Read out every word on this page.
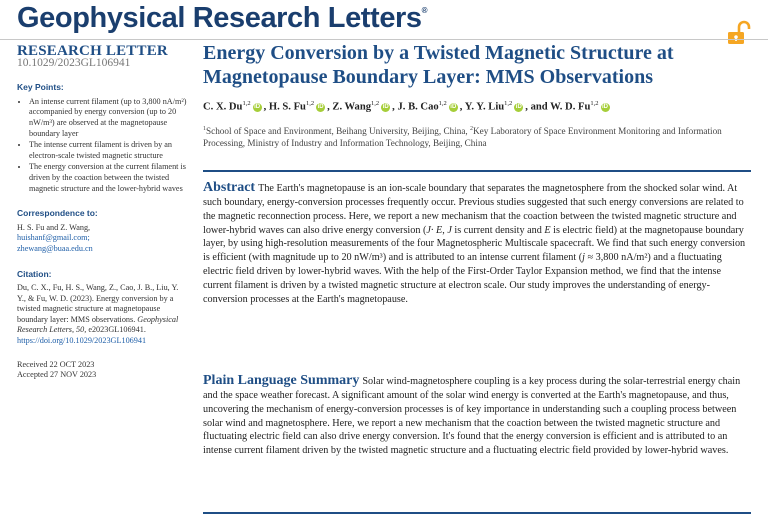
Geophysical Research Letters®
RESEARCH LETTER
10.1029/2023GL106941
Key Points:
• An intense current filament (up to 3,800 nA/m²) accompanied by energy conversion (up to 20 nW/m³) are observed at the magnetopause boundary layer
• The intense current filament is driven by an electron-scale twisted magnetic structure
• The energy conversion at the current filament is driven by the coaction between the twisted magnetic structure and the lower-hybrid waves
Correspondence to:

H. S. Fu and Z. Wang,

huishanf@gmail.com;

zhewang@buaa.edu.cn

Citation:

Du, C. X., Fu, H. S., Wang, Z., Cao, J. B., Liu, Y. Y., & Fu, W. D. (2023). Energy conversion by a twisted magnetic structure at magnetopause boundary layer: MMS observations. Geophysical Research Letters, 50, e2023GL106941. https://doi.org/10.1029/2023GL106941

Received 22 OCT 2023

Accepted 27 NOV 2023

Energy Conversion by a Twisted Magnetic Structure at Magnetopause Boundary Layer: MMS Observations
C. X. Du$^{1,2}$ iD , H. S. Fu$^{1,2}$ iD , Z. Wang$^{1,2}$ iD , J. B. Cao$^{1,2}$ iD , Y. Y. Liu$^{1,2}$ iD , and W. D. Fu$^{1,2}$ iD
$^1$School of Space and Environment, Beihang University, Beijing, China, $^2$Key Laboratory of Space Environment Monitoring and Information Processing, Ministry of Industry and Information Technology, Beijing, China
Abstract The Earth's magnetopause is an ion-scale boundary that separates the magnetosphere from the shocked solar wind. At such boundary, energy-conversion processes frequently occur. Previous studies suggested that such energy conversions are related to the magnetic reconnection process. Here, we report a new mechanism that the coaction between the twisted magnetic structure and lower-hybrid waves can also drive energy conversion (J· E, J is current density and E is electric field) at the magnetopause boundary layer, by using high-resolution measurements of the four Magnetospheric Multiscale spacecraft. We find that such energy conversion is efficient (with magnitude up to 20 nW/m³) and is attributed to an intense current filament (j ≈ 3,800 nA/m²) and a fluctuating electric field driven by lower-hybrid waves. With the help of the First-Order Taylor Expansion method, we find that the intense current filament is driven by a twisted magnetic structure at electron scale. Our study improves the understanding of energy-conversion processes at the Earth's magnetopause.
Plain Language Summary Solar wind-magnetosphere coupling is a key process during the solar-terrestrial energy chain and the space weather forecast. A significant amount of the solar wind energy is converted at the Earth's magnetopause, and thus, uncovering the mechanism of energy-conversion processes is of key importance in understanding such a coupling process between solar wind and magnetosphere. Here, we report a new mechanism that the coaction between the twisted magnetic structure and fluctuating electric field can also drive energy conversion. It's found that the energy conversion is efficient and is attributed to an intense current filament driven by the twisted magnetic structure and a fluctuating electric field provided by lower-hybrid waves.
